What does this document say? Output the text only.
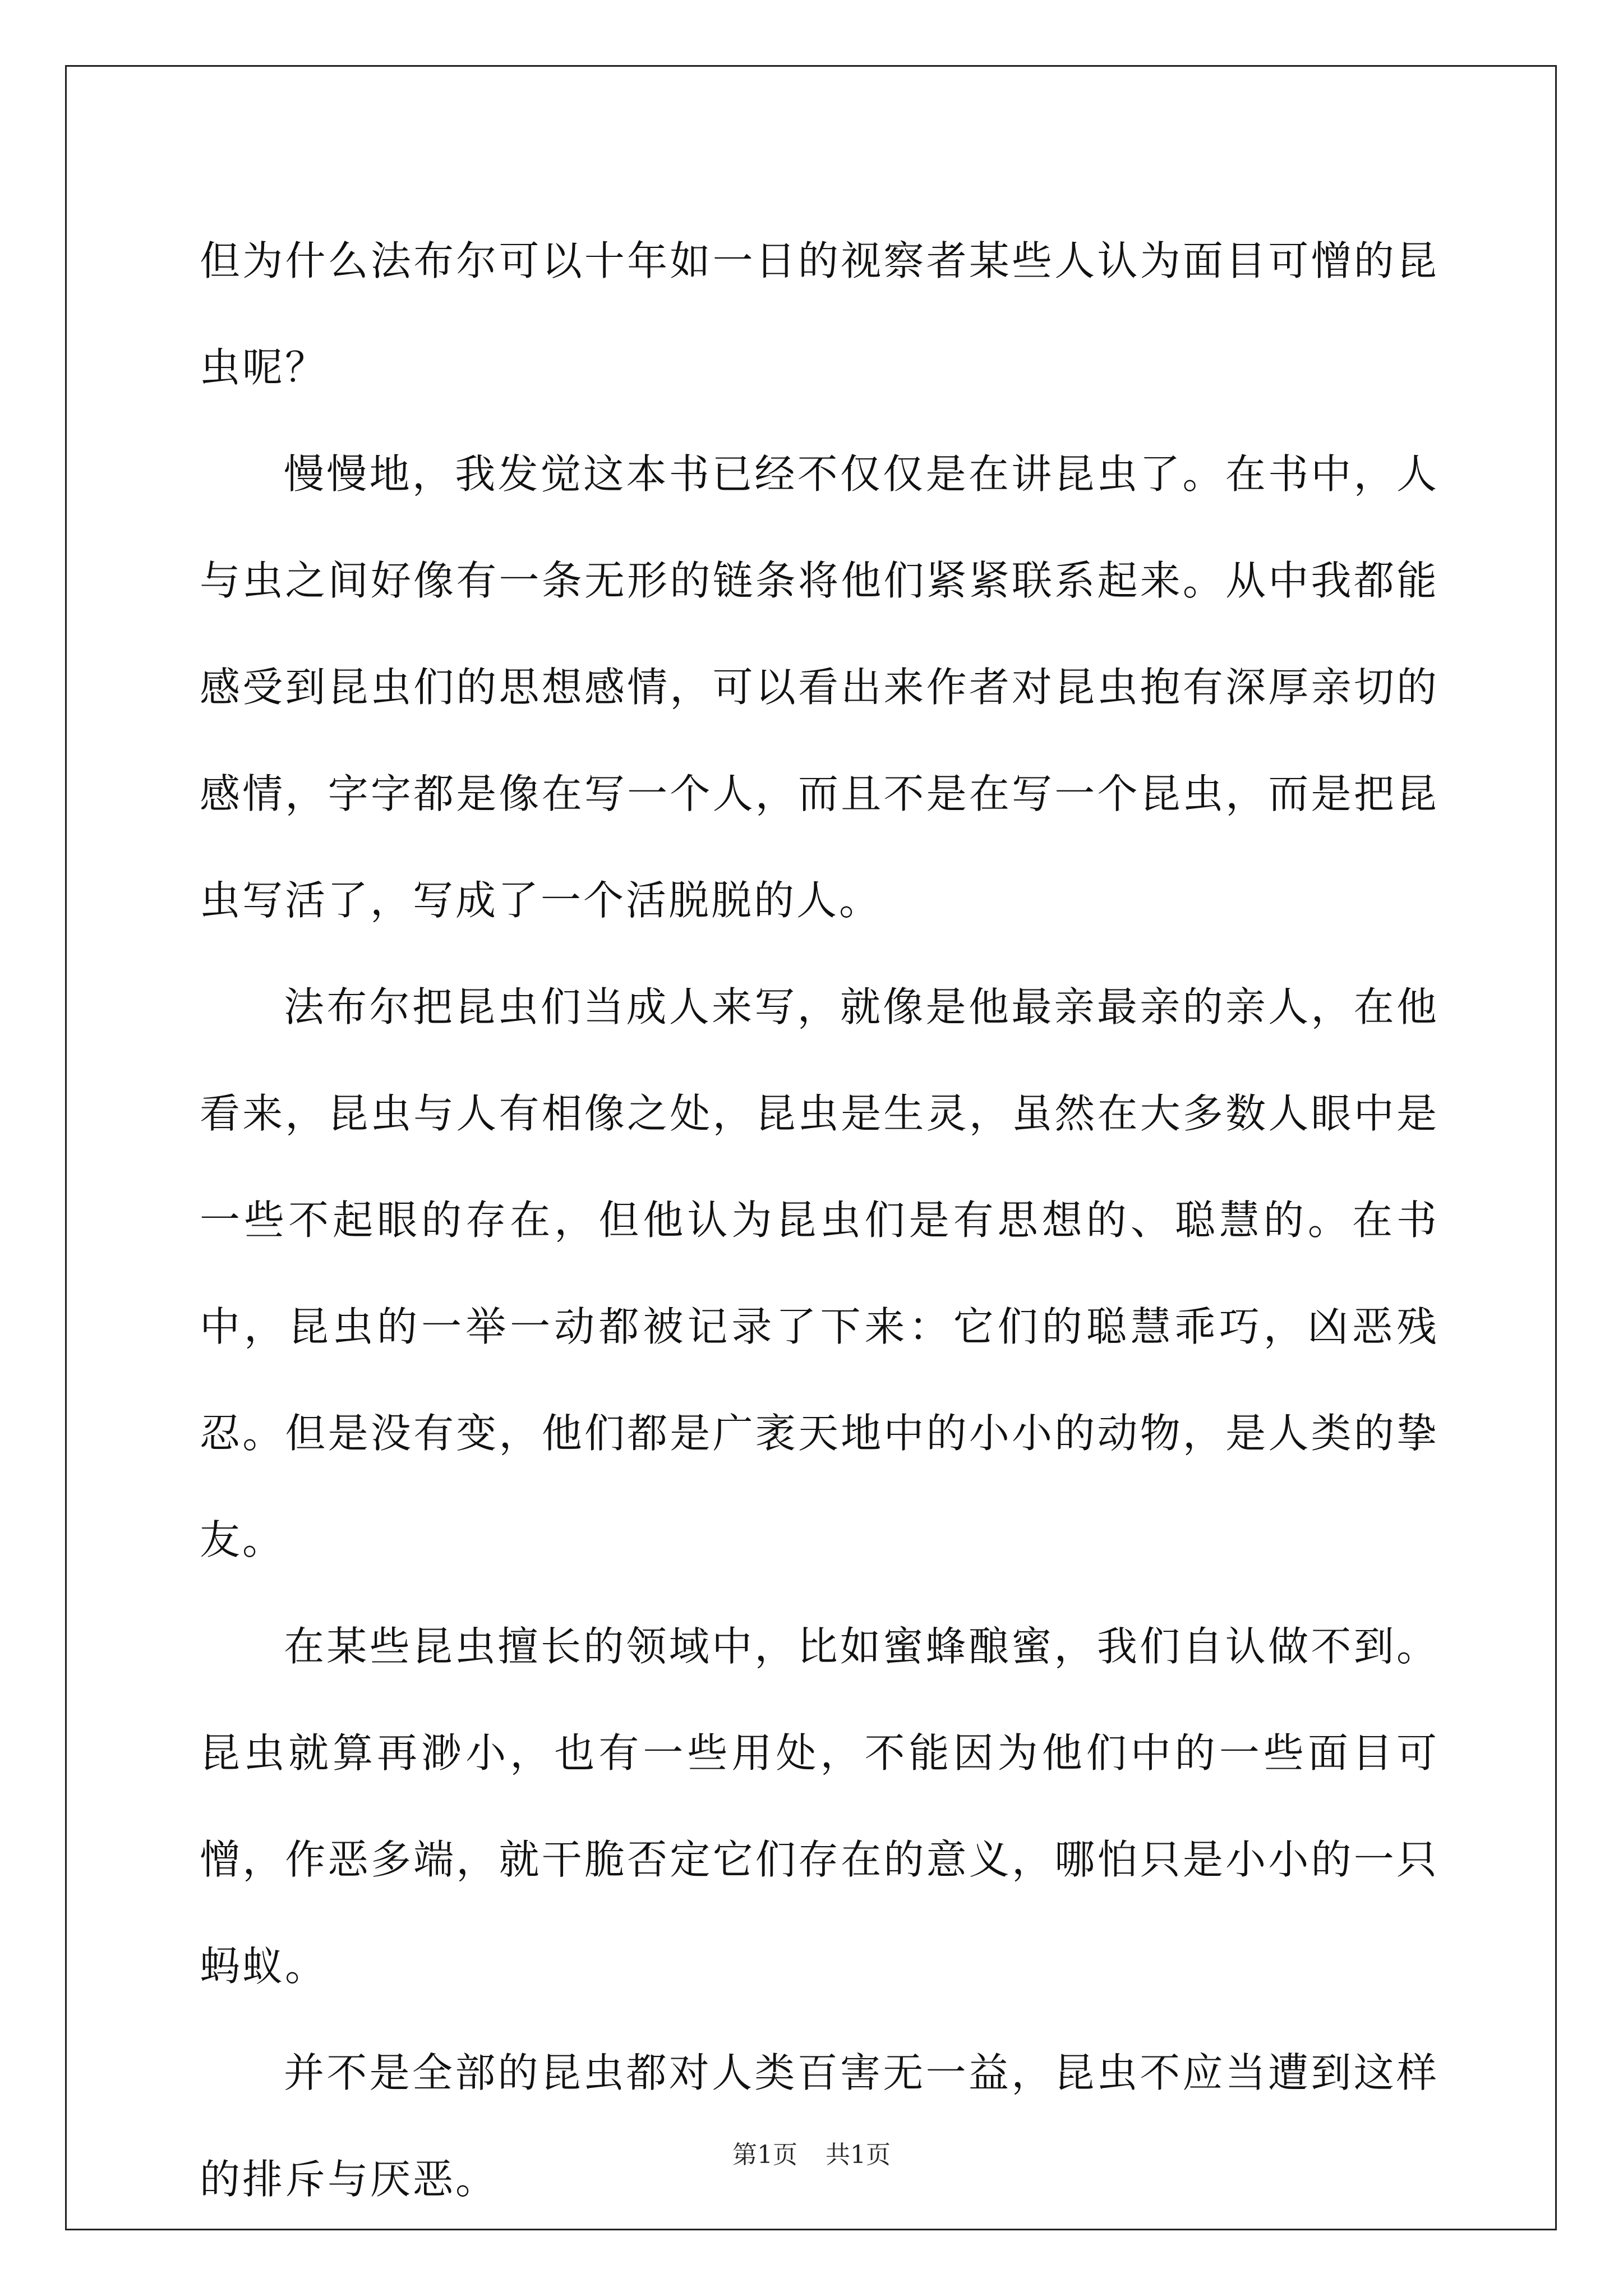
但为什么法布尔可以十年如一日的视察者某些人认为面目可憎的昆虫呢？

慢慢地，我发觉这本书已经不仅仅是在讲昆虫了。在书中，人与虫之间好像有一条无形的链条将他们紧紧联系起来。从中我都能感受到昆虫们的思想感情，可以看出来作者对昆虫抱有深厚亲切的感情，字字都是像在写一个人，而且不是在写一个昆虫，而是把昆虫写活了，写成了一个活脱脱的人。

法布尔把昆虫们当成人来写，就像是他最亲最亲的亲人，在他看来，昆虫与人有相像之处，昆虫是生灵，虽然在大多数人眼中是一些不起眼的存在，但他认为昆虫们是有思想的、聪慧的。在书中，昆虫的一举一动都被记录了下来：它们的聪慧乖巧，凶恶残忍。但是没有变，他们都是广袤天地中的小小的动物，是人类的挚友。

在某些昆虫擅长的领域中，比如蜜蜂酿蜜，我们自认做不到。昆虫就算再渺小，也有一些用处，不能因为他们中的一些面目可憎，作恶多端，就干脆否定它们存在的意义，哪怕只是小小的一只蚂蚁。

并不是全部的昆虫都对人类百害无一益，昆虫不应当遭到这样的排斥与厌恶。

第1页 共1页
